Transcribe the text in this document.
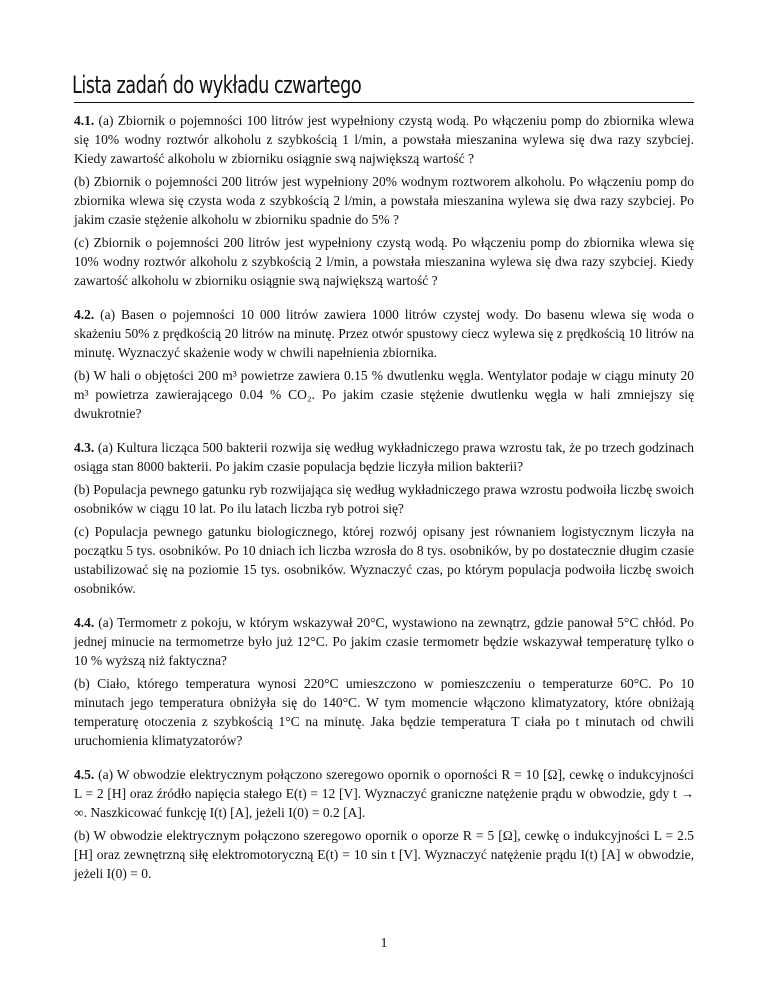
Lista zadań do wykładu czwartego

4.1. (a) Zbiornik o pojemności 100 litrów jest wypełniony czystą wodą. Po włączeniu pomp do zbiornika wlewa się 10% wodny roztwór alkoholu z szybkością 1 l/min, a powstała mieszanina wylewa się dwa razy szybciej. Kiedy zawartość alkoholu w zbiorniku osiągnie swą największą wartość ?

(b) Zbiornik o pojemności 200 litrów jest wypełniony 20% wodnym roztworem alkoholu. Po włączeniu pomp do zbiornika wlewa się czysta woda z szybkością 2 l/min, a powstała mieszanina wylewa się dwa razy szybciej. Po jakim czasie stężenie alkoholu w zbiorniku spadnie do 5% ?

(c) Zbiornik o pojemności 200 litrów jest wypełniony czystą wodą. Po włączeniu pomp do zbiornika wlewa się 10% wodny roztwór alkoholu z szybkością 2 l/min, a powstała mieszanina wylewa się dwa razy szybciej. Kiedy zawartość alkoholu w zbiorniku osiągnie swą największą wartość ?

4.2. (a) Basen o pojemności 10 000 litrów zawiera 1000 litrów czystej wody. Do basenu wlewa się woda o skażeniu 50% z prędkością 20 litrów na minutę. Przez otwór spustowy ciecz wylewa się z prędkością 10 litrów na minutę. Wyznaczyć skażenie wody w chwili napełnienia zbiornika.

(b) W hali o objętości 200 m³ powietrze zawiera 0.15 % dwutlenku węgla. Wentylator podaje w ciągu minuty 20 m³ powietrza zawierającego 0.04 % CO₂. Po jakim czasie stężenie dwutlenku węgla w hali zmniejszy się dwukrotnie?

4.3. (a) Kultura licząca 500 bakterii rozwija się według wykładniczego prawa wzrostu tak, że po trzech godzinach osiąga stan 8000 bakterii. Po jakim czasie populacja będzie liczyła milion bakterii?

(b) Populacja pewnego gatunku ryb rozwijająca się według wykładniczego prawa wzrostu podwoiła liczbę swoich osobników w ciągu 10 lat. Po ilu latach liczba ryb potroi się?

(c) Populacja pewnego gatunku biologicznego, której rozwój opisany jest równaniem logistycznym liczyła na początku 5 tys. osobników. Po 10 dniach ich liczba wzrosła do 8 tys. osobników, by po dostatecznie długim czasie ustabilizować się na poziomie 15 tys. osobników. Wyznaczyć czas, po którym populacja podwoiła liczbę swoich osobników.

4.4. (a) Termometr z pokoju, w którym wskazywał 20°C, wystawiono na zewnątrz, gdzie panował 5°C chłód. Po jednej minucie na termometrze było już 12°C. Po jakim czasie termometr będzie wskazywał temperaturę tylko o 10 % wyższą niż faktyczna?

(b) Ciało, którego temperatura wynosi 220°C umieszczono w pomieszczeniu o temperaturze 60°C. Po 10 minutach jego temperatura obniżyła się do 140°C. W tym momencie włączono klimatyzatory, które obniżają temperaturę otoczenia z szybkością 1°C na minutę. Jaka będzie temperatura T ciała po t minutach od chwili uruchomienia klimatyzatorów?

4.5. (a) W obwodzie elektrycznym połączono szeregowo opornik o oporności R = 10 [Ω], cewkę o indukcyjności L = 2 [H] oraz źródło napięcia stałego E(t) = 12 [V]. Wyznaczyć graniczne natężenie prądu w obwodzie, gdy t → ∞. Naszkicować funkcję I(t) [A], jeżeli I(0) = 0.2 [A].

(b) W obwodzie elektrycznym połączono szeregowo opornik o oporze R = 5 [Ω], cewkę o indukcyjności L = 2.5 [H] oraz zewnętrzną siłę elektromotoryczną E(t) = 10 sin t [V]. Wyznaczyć natężenie prądu I(t) [A] w obwodzie, jeżeli I(0) = 0.

1
